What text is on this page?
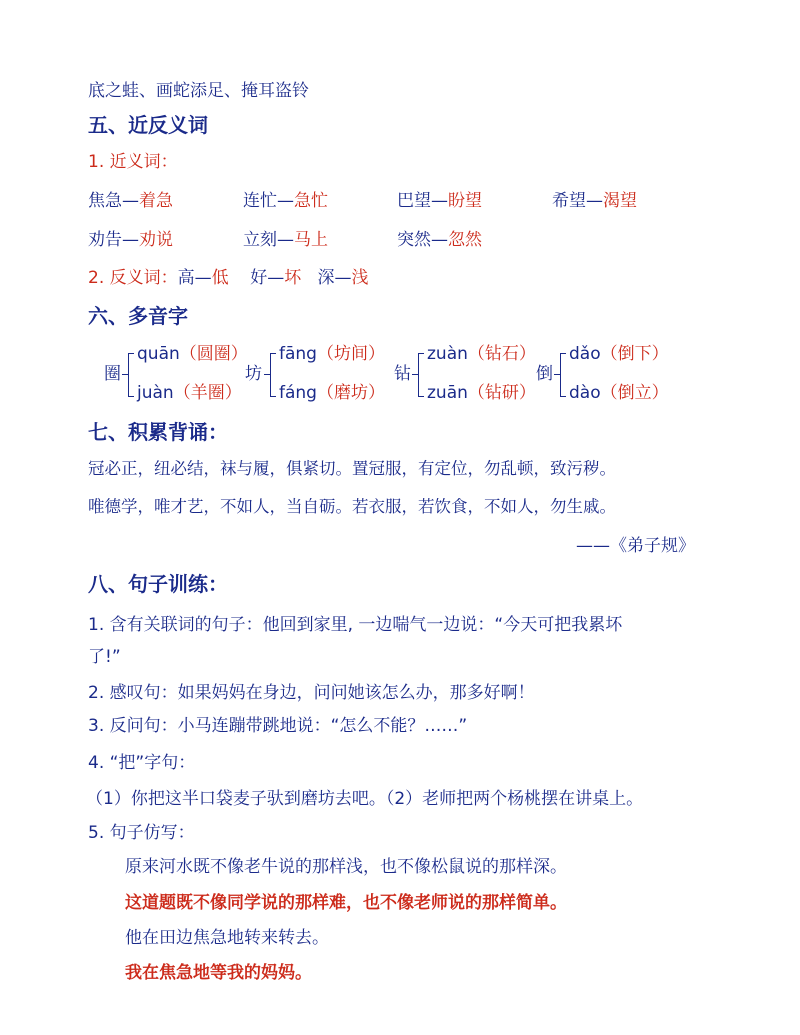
底之蛙、画蛇添足、掩耳盗铃
五、近反义词
1. 近义词：
焦急—着急	连忙—急忙	巴望—盼望	希望—渴望
劝告—劝说	立刻—马上	突然—忽然
2. 反义词：高—低 好—坏 深—浅
六、多音字
圈
quān（圆圈）
juàn（羊圈）
坊
fāng（坊间）
fáng（磨坊）
钻
zuàn（钻石）
zuān（钻研）
倒
dǎo（倒下）
dào（倒立）
七、积累背诵：
冠必正，纽必结，袜与履，俱紧切。置冠服，有定位，勿乱顿，致污秽。
唯德学，唯才艺，不如人，当自砺。若衣服，若饮食，不如人，勿生戚。
——《弟子规》
八、句子训练：
1. 含有关联词的句子：他回到家里, 一边喘气一边说：“今天可把我累坏
了!”
2. 感叹句：如果妈妈在身边，问问她该怎么办，那多好啊！
3. 反问句：小马连蹦带跳地说：“怎么不能？……”
4. “把”字句：
（1）你把这半口袋麦子驮到磨坊去吧。（2）老师把两个杨桃摆在讲桌上。
5. 句子仿写：
原来河水既不像老牛说的那样浅，也不像松鼠说的那样深。
这道题既不像同学说的那样难，也不像老师说的那样简单。
他在田边焦急地转来转去。
我在焦急地等我的妈妈。
